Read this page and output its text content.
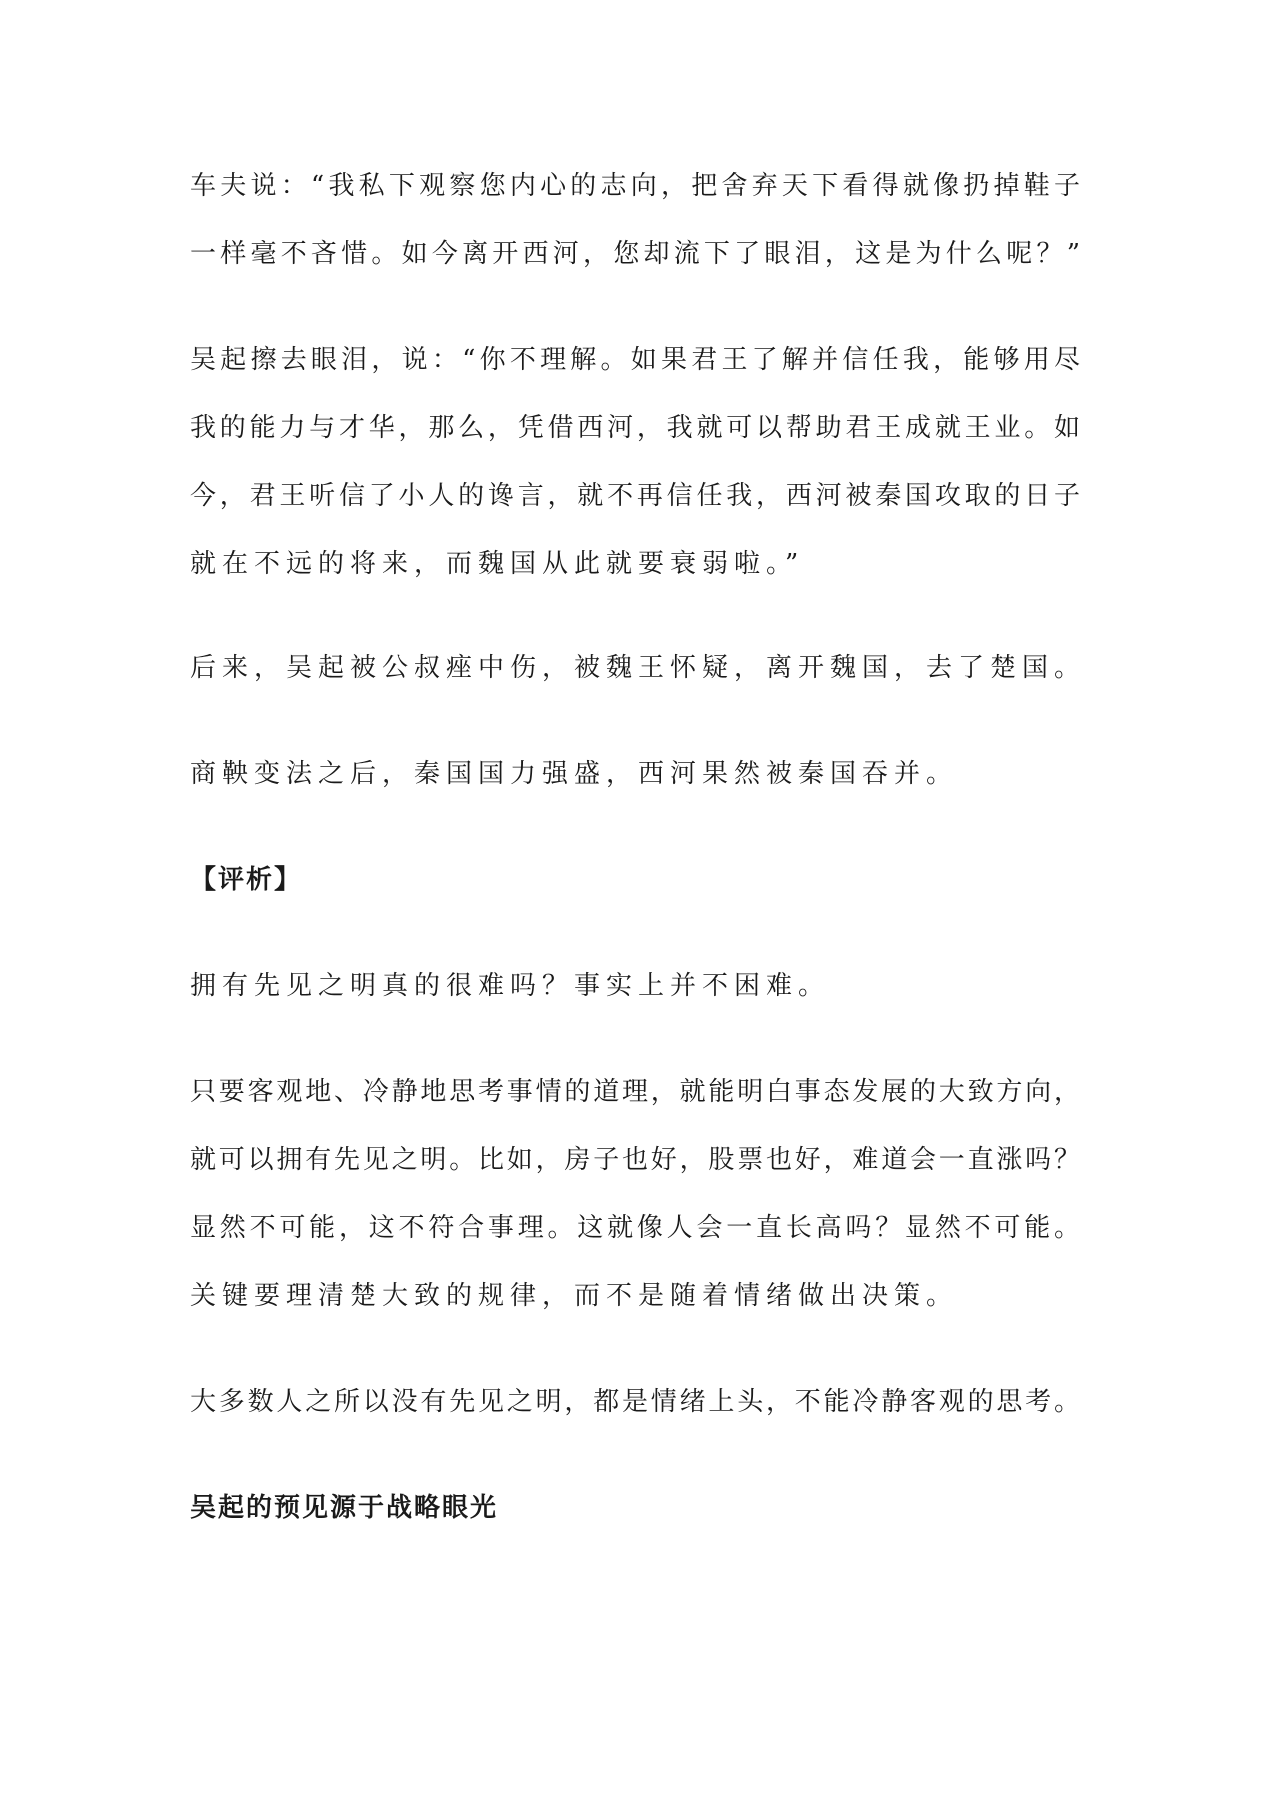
车夫说：“我私下观察您内心的志向，把舍弃天下看得就像扔掉鞋子
一样毫不吝惜。如今离开西河，您却流下了眼泪，这是为什么呢？”
吴起擦去眼泪，说：“你不理解。如果君王了解并信任我，能够用尽
我的能力与才华，那么，凭借西河，我就可以帮助君王成就王业。如
今，君王听信了小人的谗言，就不再信任我，西河被秦国攻取的日子
就在不远的将来，而魏国从此就要衰弱啦。”
后来，吴起被公叔痤中伤，被魏王怀疑，离开魏国，去了楚国。
商鞅变法之后，秦国国力强盛，西河果然被秦国吞并。
【评析】
拥有先见之明真的很难吗？事实上并不困难。
只要客观地、冷静地思考事情的道理，就能明白事态发展的大致方向，
就可以拥有先见之明。比如，房子也好，股票也好，难道会一直涨吗？
显然不可能，这不符合事理。这就像人会一直长高吗？显然不可能。
关键要理清楚大致的规律，而不是随着情绪做出决策。
大多数人之所以没有先见之明，都是情绪上头，不能冷静客观的思考。
吴起的预见源于战略眼光
